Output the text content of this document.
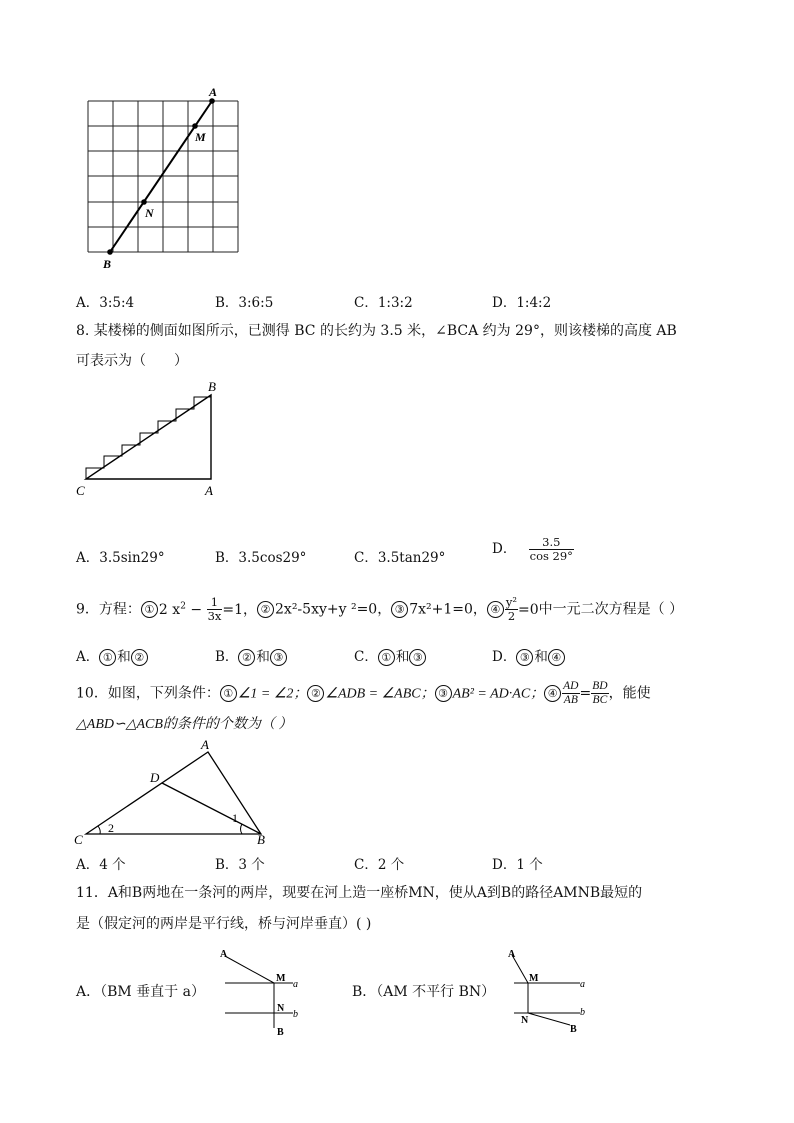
A
M
N
B
A．3:5:4	B．3:6:5	C．1:3:2	D．1:4:2
8. 某楼梯的侧面如图所示，已测得 BC 的长约为 3.5 米，∠BCA 约为 29°，则该楼梯的高度 AB
可表示为（　　）
B
C	A
A．3.5sin29°	B．3.5cos29°	C．3.5tan29°
D． $\frac{3.5}{\cos 29^\circ}$
9．方程： ① 2 $x^2 - \frac{1}{3x} =1$， ② 2x²-5xy+y ²=0， ③ 7x²+1=0， ④ $\frac{\text{y²}}{2} =0$中一元二次方程是（ ）
A． ① 和 ②	B． ② 和 ③	C． ① 和 ③	D． ③ 和 ④
10．如图，下列条件： ① ∠1 = ∠2； ② ∠ADB = ∠ABC； ③ AB² = AD·AC； ④ $\frac{AD}{AB} = \frac{BD}{BC}$ ，能使
△ABD∽△ACB的条件的个数为（ ）
A
D
C	B
1
2
A．4 个	B．3 个	C．2 个	D．1 个
11．A和B两地在一条河的两岸，现要在河上造一座桥MN，使从A到B的路径AMNB最短的
是（假定河的两岸是平行线，桥与河岸垂直）( )
A．（BM 垂直于 a）
A
M
a
N
b
B
B．（AM 不平行 BN）
A
M
a
N
b
B
